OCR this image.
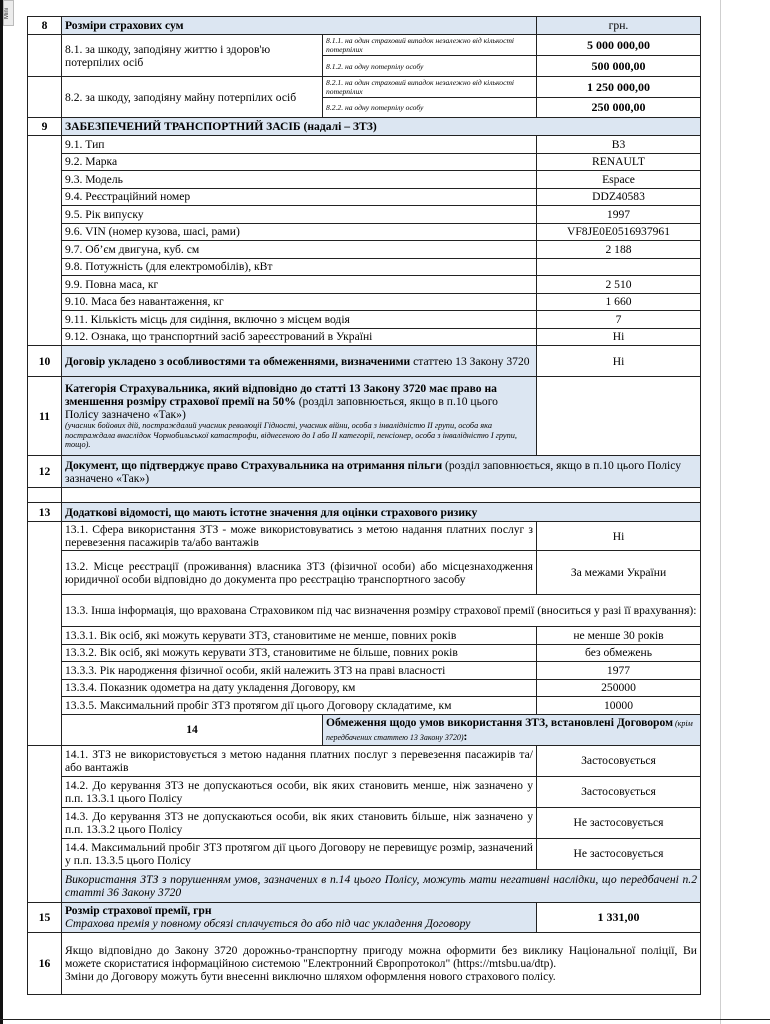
Mini
8	Розміри страхових сум		грн.
	8.1. за шкоду, заподіяну життю і здоров'ю потерпілих осіб	8.1.1. на один страховий випадок незалежно від кількості потерпілих	5 000 000,00
		8.1.2. на одну потерпілу особу	500 000,00
	8.2. за шкоду, заподіяну майну потерпілих осіб	8.2.1. на один страховий випадок незалежно від кількості потерпілих	1 250 000,00
		8.2.2. на одну потерпілу особу	250 000,00
9	ЗАБЕЗПЕЧЕНИЙ ТРАНСПОРТНИЙ ЗАСІБ (надалі – ЗТЗ)		
	9.1. Тип		B3
	9.2. Марка		RENAULT
	9.3. Модель		Espace
	9.4. Реєстраційний номер		DDZ40583
	9.5. Рік випуску		1997
	9.6. VIN (номер кузова, шасі, рами)		VF8JE0E0516937961
	9.7. Об’єм двигуна, куб. см		2 188
	9.8. Потужність (для електромобілів), кВт		
	9.9. Повна маса, кг		2 510
	9.10. Маса без навантаження, кг		1 660
	9.11. Кількість місць для сидіння, включно з місцем водія		7
	9.12. Ознака, що транспортний засіб зареєстрований в Україні		Ні
10	Договір укладено з особливостями та обмеженнями, визначеними статтею 13 Закону 3720		Ні
11	Категорія Страхувальника, який відповідно до статті 13 Закону 3720 має право на зменшення розміру страхової премії на 50% (розділ заповнюється, якщо в п.10 цього Полісу зазначено «Так»)
(учасник бойових дій, постраждалий учасник революції Гідності, учасник війни, особа з інвалідністю ІІ групи, особа яка постраждала внаслідок Чорнобильської катастрофи, віднесеною до І або ІІ категорії, пенсіонер, особа з інвалідністю І групи, тощо).		

12	Документ, що підтверджує право Страхувальника на отримання пільги (розділ заповнюється, якщо в п.10 цього Полісу зазначено «Так»)		

13	Додаткові відомості, що мають істотне значення для оцінки страхового ризику		
	13.1. Сфера використання ЗТЗ - може використовуватись з метою надання платних послуг з перевезення пасажирів та/або вантажів		Ні
	13.2. Місце реєстрації (проживання) власника ЗТЗ (фізичної особи) або місцезнаходження юридичної особи відповідно до документа про реєстрацію транспортного засобу		За межами України
	13.3. Інша інформація, що врахована Страховиком під час визначення розміру страхової премії (вноситься у разі її врахування):		
	13.3.1. Вік осіб, які можуть керувати ЗТЗ, становитиме не менше, повних років		не менше 30 років
	13.3.2. Вік осіб, які можуть керувати ЗТЗ, становитиме не більше, повних років		без обмежень
	13.3.3. Рік народження фізичної особи, якій належить ЗТЗ на праві власності		1977
	13.3.4. Показник одометра на дату укладення Договору, км		250000
	13.3.5. Максимальний пробіг ЗТЗ протягом дії цього Договору складатиме, км		10000
	14	Обмеження щодо умов використання ЗТЗ, встановлені Договором (крім передбачених статтею 13 Закону 3720):	
	14.1. ЗТЗ не використовується з метою надання платних послуг з перевезення пасажирів та/або вантажів		Застосовується
	14.2. До керування ЗТЗ не допускаються особи, вік яких становить менше, ніж зазначено у п.п. 13.3.1 цього Полісу		Застосовується
	14.3. До керування ЗТЗ не допускаються особи, вік яких становить більше, ніж зазначено у п.п. 13.3.2 цього Полісу		Не застосовується
	14.4. Максимальний пробіг ЗТЗ протягом дії цього Договору не перевищує розмір, зазначений у п.п. 13.3.5 цього Полісу		Не застосовується
	Використання ЗТЗ з порушенням умов, зазначених в п.14 цього Полісу, можуть мати негативні наслідки, що передбачені п.2 статті 36 Закону 3720		
15	Розмір страхової премії, грн
Страхова премія у повному обсязі сплачується до або під час укладення Договору		1 331,00
16	Якщо відповідно до Закону 3720 дорожньо-транспортну пригоду можна оформити без виклику Національної поліції, Ви можете скористатися інформаційною системою "Електронний Європротокол" (https://mtsbu.ua/dtp).
Зміни до Договору можуть бути внесенні виключно шляхом оформлення нового страхового полісу.		
